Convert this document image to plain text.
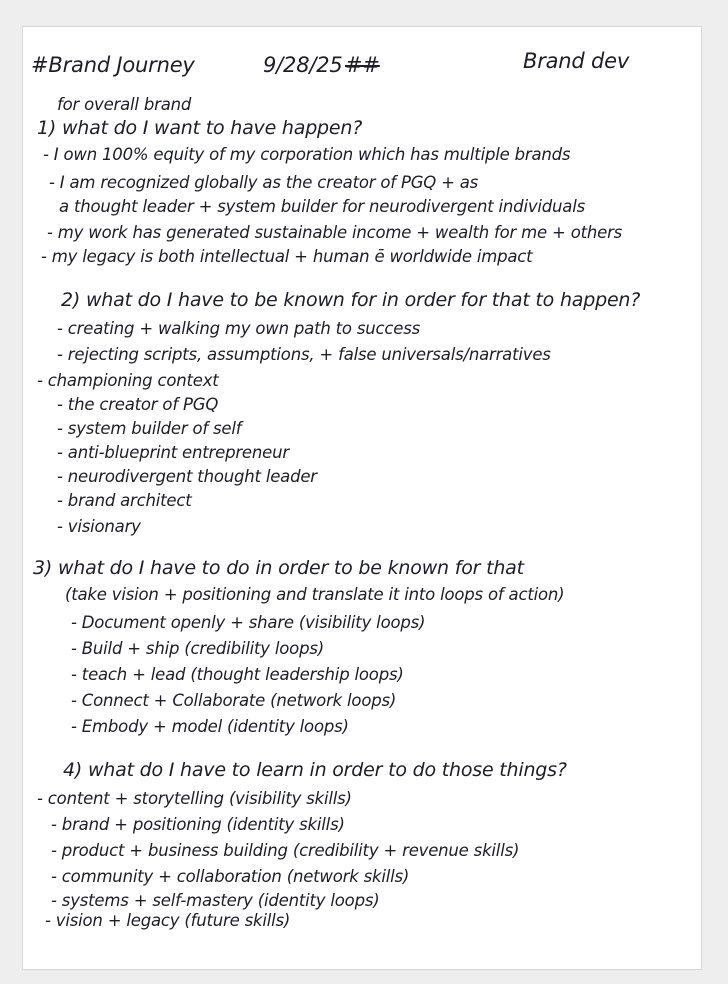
#Brand Journey	9/28/25 ##	Brand dev
for overall brand
1) what do I want to have happen?
- I own 100% equity of my corporation which has multiple brands
- I am recognized globally as the creator of PGQ + as
a thought leader + system builder for neurodivergent individuals
- my work has generated sustainable income + wealth for me + others
- my legacy is both intellectual + human ē worldwide impact
2) what do I have to be known for in order for that to happen?
- creating + walking my own path to success
- rejecting scripts, assumptions, + false universals/narratives
- championing context
- the creator of PGQ
- system builder of self
- anti-blueprint entrepreneur
- neurodivergent thought leader
- brand architect
- visionary
3) what do I have to do in order to be known for that
(take vision + positioning and translate it into loops of action)
- Document openly + share (visibility loops)
- Build + ship (credibility loops)
- teach + lead (thought leadership loops)
- Connect + Collaborate (network loops)
- Embody + model (identity loops)
4) what do I have to learn in order to do those things?
- content + storytelling (visibility skills)
- brand + positioning (identity skills)
- product + business building (credibility + revenue skills)
- community + collaboration (network skills)
- systems + self-mastery (identity loops)
- vision + legacy (future skills)
